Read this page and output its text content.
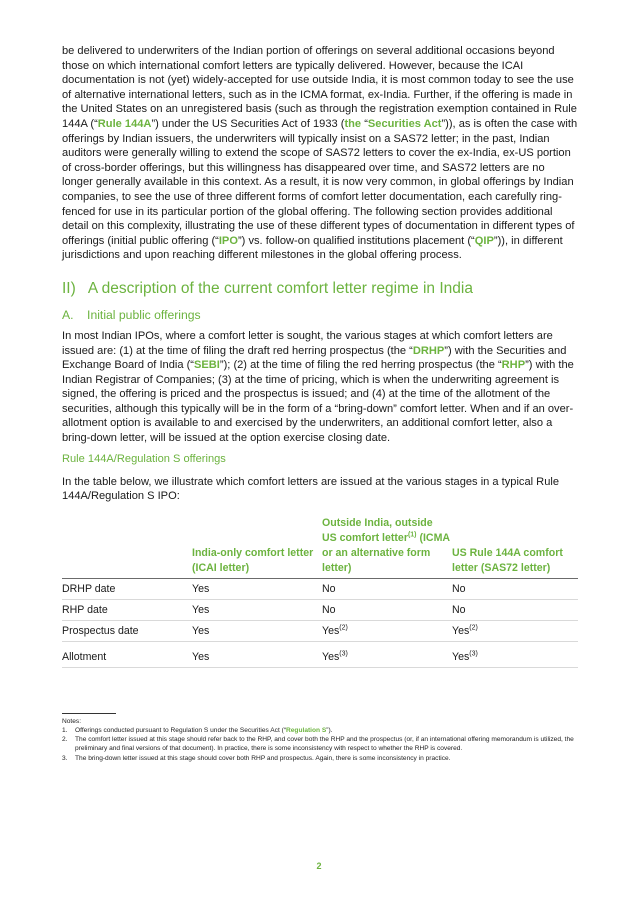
be delivered to underwriters of the Indian portion of offerings on several additional occasions beyond those on which international comfort letters are typically delivered. However, because the ICAI documentation is not (yet) widely-accepted for use outside India, it is most common today to see the use of alternative international letters, such as in the ICMA format, ex-India. Further, if the offering is made in the United States on an unregistered basis (such as through the registration exemption contained in Rule 144A (“Rule 144A”) under the US Securities Act of 1933 (the “Securities Act”)), as is often the case with offerings by Indian issuers, the underwriters will typically insist on a SAS72 letter; in the past, Indian auditors were generally willing to extend the scope of SAS72 letters to cover the ex-India, ex-US portion of cross-border offerings, but this willingness has disappeared over time, and SAS72 letters are no longer generally available in this context. As a result, it is now very common, in global offerings by Indian companies, to see the use of three different forms of comfort letter documentation, each carefully ring-fenced for use in its particular portion of the global offering. The following section provides additional detail on this complexity, illustrating the use of these different types of documentation in different types of offerings (initial public offering (“IPO”) vs. follow-on qualified institutions placement (“QIP”)), in different jurisdictions and upon reaching different milestones in the global offering process.

II)   A description of the current comfort letter regime in India
A.    Initial public offerings

In most Indian IPOs, where a comfort letter is sought, the various stages at which comfort letters are issued are: (1) at the time of filing the draft red herring prospectus (the “DRHP”) with the Securities and Exchange Board of India (“SEBI”); (2) at the time of filing the red herring prospectus (the “RHP”) with the Indian Registrar of Companies; (3) at the time of pricing, which is when the underwriting agreement is signed, the offering is priced and the prospectus is issued; and (4) at the time of the allotment of the securities, although this typically will be in the form of a “bring-down” comfort letter. When and if an over-allotment option is available to and exercised by the underwriters, an additional comfort letter, also a bring-down letter, will be issued at the option exercise closing date.

Rule 144A/Regulation S offerings

In the table below, we illustrate which comfort letters are issued at the various stages in a typical Rule 144A/Regulation S IPO:

	India-only comfort letter (ICAI letter)	Outside India, outside US comfort letter$^{(1)}$ (ICMA or an alternative form letter)	US Rule 144A comfort letter (SAS72 letter)
DRHP date	Yes	No	No
RHP date	Yes	No	No
Prospectus date	Yes	Yes$^{(2)}$	Yes$^{(2)}$
Allotment	Yes	Yes$^{(3)}$	Yes$^{(3)}$
Notes:
1.	Offerings conducted pursuant to Regulation S under the Securities Act (“Regulation S”).
2.	The comfort letter issued at this stage should refer back to the RHP, and cover both the RHP and the prospectus (or, if an international offering memorandum is utilized, the preliminary and final versions of that document). In practice, there is some inconsistency with respect to whether the RHP is covered.
3.	The bring-down letter issued at this stage should cover both RHP and prospectus. Again, there is some inconsistency in practice.
2
